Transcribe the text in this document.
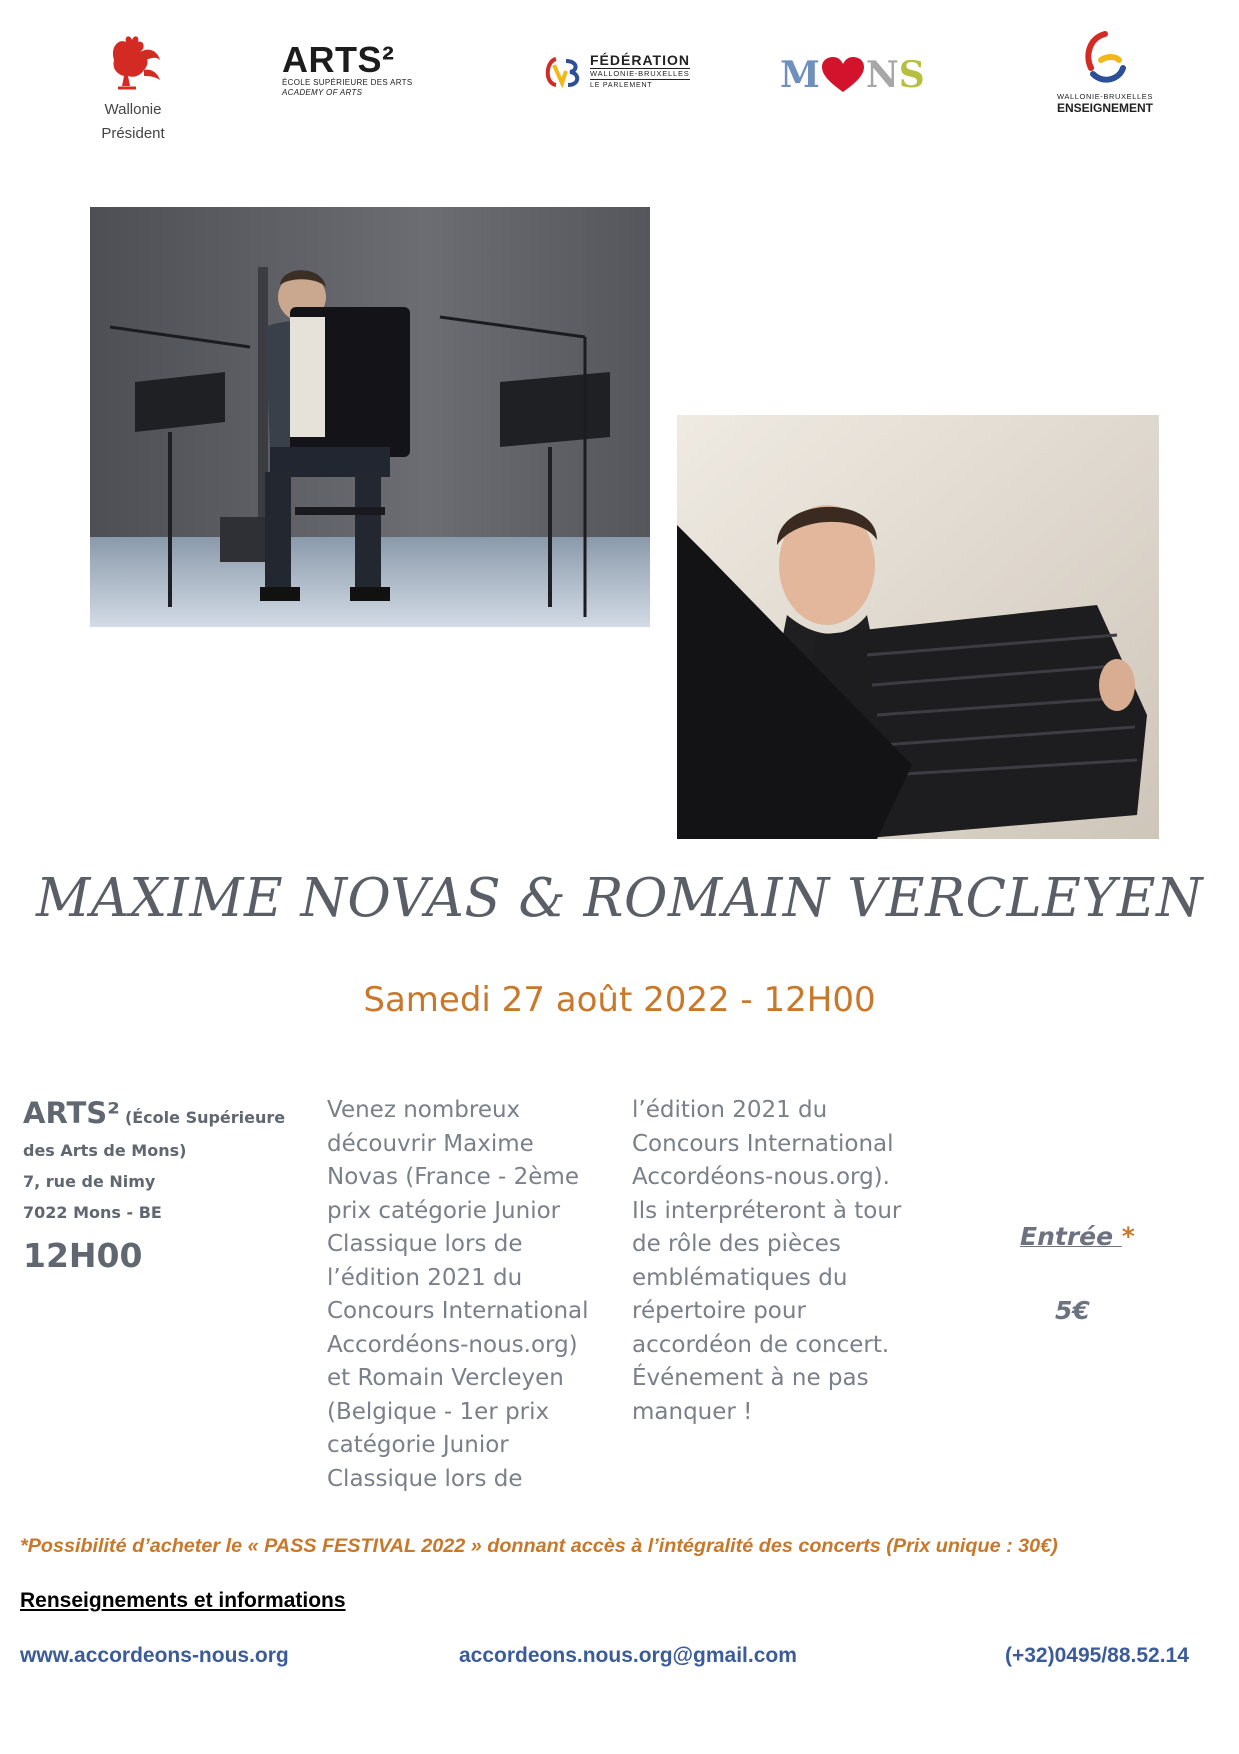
Wallonie
Président
ARTS²
ÉCOLE SUPÉRIEURE DES ARTS
ACADEMY OF ARTS
FÉDÉRATION
WALLONIE-BRUXELLES
LE PARLEMENT	M N S
WALLONIE-BRUXELLES
ENSEIGNEMENT
MAXIME NOVAS & ROMAIN VERCLEYEN
Samedi 27 août 2022 - 12H00
ARTS² (École Supérieure
des Arts de Mons)
7, rue de Nimy
7022 Mons - BE
12H00
Venez nombreux
découvrir Maxime
Novas (France - 2ème
prix catégorie Junior
Classique lors de
l’édition 2021 du
Concours International
Accordéons-nous.org)
et Romain Vercleyen
(Belgique - 1er prix
catégorie Junior
Classique lors de
l’édition 2021 du
Concours International
Accordéons-nous.org).
Ils interpréteront à tour
de rôle des pièces
emblématiques du
répertoire pour
accordéon de concert.
Événement à ne pas
manquer !
Entrée *
5€
*Possibilité d’acheter le « PASS FESTIVAL 2022 » donnant accès à l’intégralité des concerts (Prix unique : 30€)
Renseignements et informations
www.accordeons-nous.org	accordeons.nous.org@gmail.com	(+32)0495/88.52.14
